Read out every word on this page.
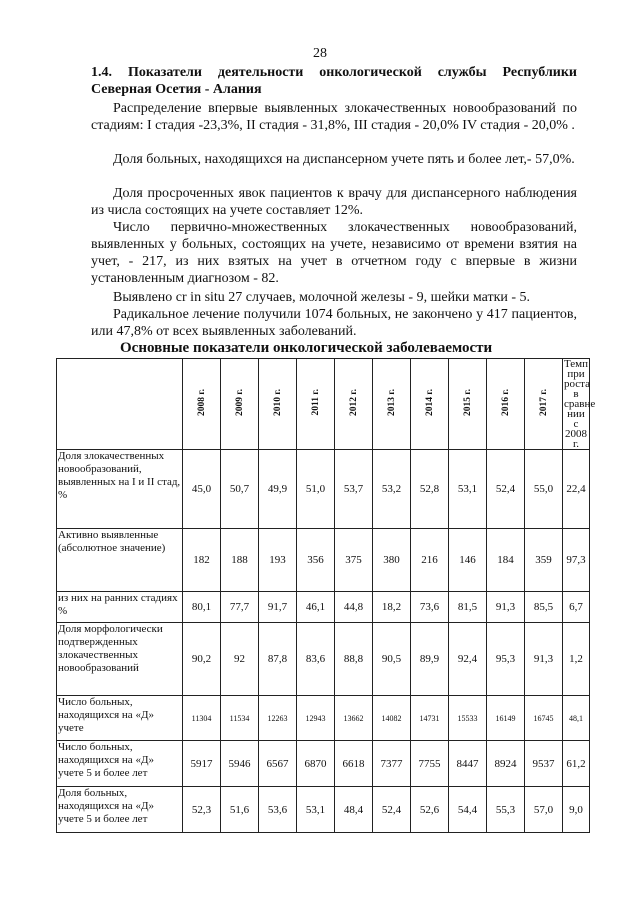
28
1.4. Показатели деятельности онкологической службы Республики Северная Осетия - Алания
Распределение впервые выявленных злокачественных новообразований по стадиям: I стадия -23,3%, II стадия - 31,8%, III стадия - 20,0% IV стадия - 20,0% .
Доля больных, находящихся на диспансерном учете пять и более лет,- 57,0%.
Доля просроченных явок пациентов к врачу для диспансерного наблюдения из числа состоящих на учете составляет 12%.
Число первично-множественных злокачественных новообразований, выявленных у больных, состоящих на учете, независимо от времени взятия на учет, - 217, из них взятых на учет в отчетном году с впервые в жизни установленным диагнозом - 82.
Выявлено cr in situ 27 случаев, молочной железы - 9, шейки матки - 5.
Радикальное лечение получили 1074 больных, не закончено у 417 пациентов, или 47,8% от всех выявленных заболеваний.
Основные показатели онкологической заболеваемости
	2008 г.	2009 г.	2010 г.	2011 г.	2012 г.	2013 г.	2014 г.	2015 г.	2016 г.	2017 г.	Темп при роста в сравне нии с 2008 г.
Доля злокачественных новообразований, выявленных на I и II стад, %	45,0	50,7	49,9	51,0	53,7	53,2	52,8	53,1	52,4	55,0	22,4
Активно выявленные (абсолютное значение)	182	188	193	356	375	380	216	146	184	359	97,3
из них на ранних стадиях %	80,1	77,7	91,7	46,1	44,8	18,2	73,6	81,5	91,3	85,5	6,7
Доля морфологически подтвержденных злокачественных новообразований	90,2	92	87,8	83,6	88,8	90,5	89,9	92,4	95,3	91,3	1,2
Число больных, находящихся на «Д» учете	11304	11534	12263	12943	13662	14082	14731	15533	16149	16745	48,1
Число больных, находящихся на «Д» учете 5 и более лет	5917	5946	6567	6870	6618	7377	7755	8447	8924	9537	61,2
Доля больных, находящихся на «Д» учете 5 и более лет	52,3	51,6	53,6	53,1	48,4	52,4	52,6	54,4	55,3	57,0	9,0
